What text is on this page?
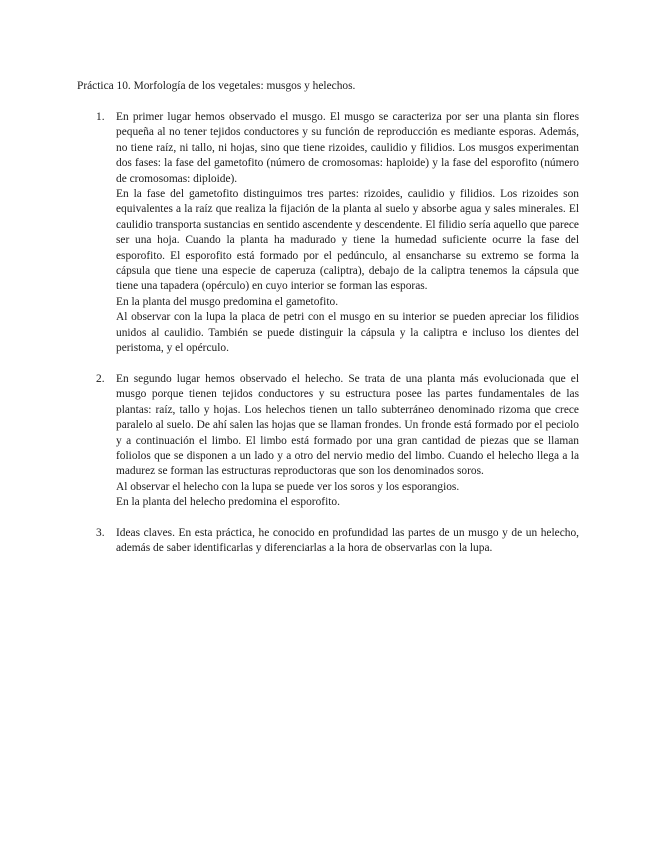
Práctica 10. Morfología de los vegetales: musgos y helechos.
1. En primer lugar hemos observado el musgo. El musgo se caracteriza por ser una planta sin flores pequeña al no tener tejidos conductores y su función de reproducción es mediante esporas. Además, no tiene raíz, ni tallo, ni hojas, sino que tiene rizoides, caulidio y filidios. Los musgos experimentan dos fases: la fase del gametofito (número de cromosomas: haploide) y la fase del esporofito (número de cromosomas: diploide).

En la fase del gametofito distinguimos tres partes: rizoides, caulidio y filidios. Los rizoides son equivalentes a la raíz que realiza la fijación de la planta al suelo y absorbe agua y sales minerales. El caulidio transporta sustancias en sentido ascendente y descendente. El filidio sería aquello que parece ser una hoja. Cuando la planta ha madurado y tiene la humedad suficiente ocurre la fase del esporofito. El esporofito está formado por el pedúnculo, al ensancharse su extremo se forma la cápsula que tiene una especie de caperuza (caliptra), debajo de la caliptra tenemos la cápsula que tiene una tapadera (opérculo) en cuyo interior se forman las esporas.

En la planta del musgo predomina el gametofito.

Al observar con la lupa la placa de petri con el musgo en su interior se pueden apreciar los filidios unidos al caulidio. También se puede distinguir la cápsula y la caliptra e incluso los dientes del peristoma, y el opérculo.

2. En segundo lugar hemos observado el helecho. Se trata de una planta más evolucionada que el musgo porque tienen tejidos conductores y su estructura posee las partes fundamentales de las plantas: raíz, tallo y hojas. Los helechos tienen un tallo subterráneo denominado rizoma que crece paralelo al suelo. De ahí salen las hojas que se llaman frondes. Un fronde está formado por el peciolo y a continuación el limbo. El limbo está formado por una gran cantidad de piezas que se llaman foliolos que se disponen a un lado y a otro del nervio medio del limbo. Cuando el helecho llega a la madurez se forman las estructuras reproductoras que son los denominados soros.

Al observar el helecho con la lupa se puede ver los soros y los esporangios.

En la planta del helecho predomina el esporofito.

3. Ideas claves. En esta práctica, he conocido en profundidad las partes de un musgo y de un helecho, además de saber identificarlas y diferenciarlas a la hora de observarlas con la lupa.
